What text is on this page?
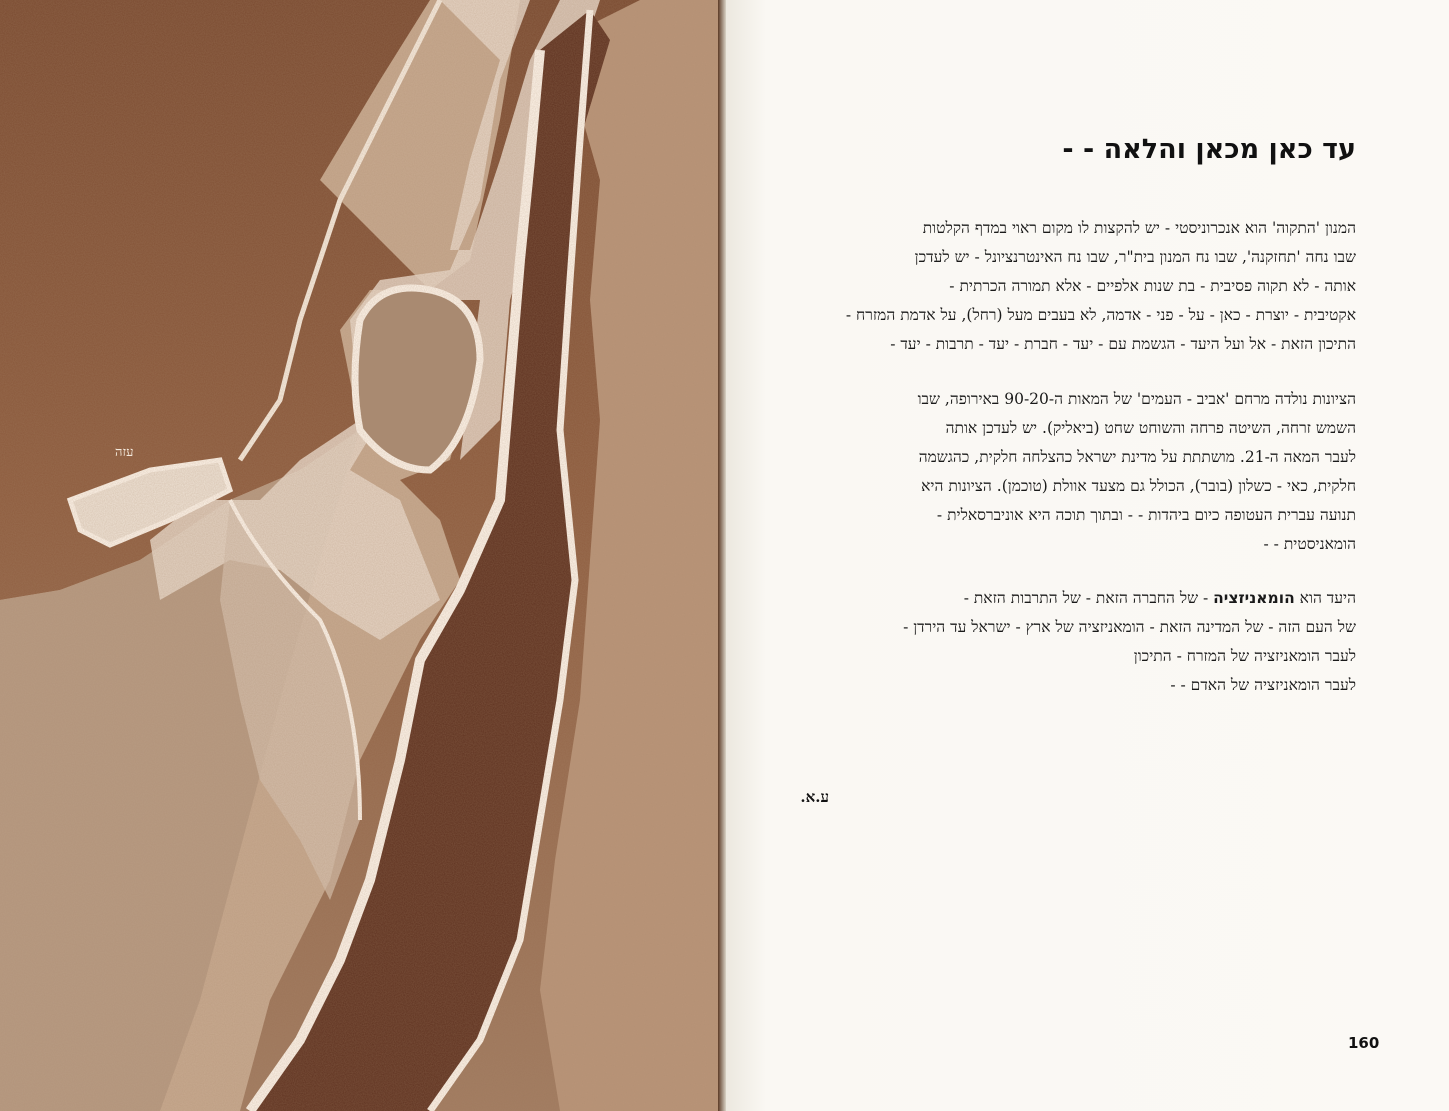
עזה
עד כאן מכאן והלאה - -
המנון 'התקוה' הוא אנכרוניסטי - יש להקצות לו מקום ראוי במדף הקלטות
שבו נחה 'תחזקנה', שבו נח המנון בית"ר, שבו נח האינטרנציונל - יש לעדכן
אותה - לא תקוה פסיבית - בת שנות אלפיים - אלא תמורה הכרתית -
אקטיבית - יוצרת - כאן - על - פני - אדמה, לא בעבים מעל (רחל), על אדמת המזרח -
התיכון הזאת - אל ועל היעד - הגשמת עם - יעד - חברת - יעד - תרבות - יעד -
הציונות נולדה מרחם 'אביב - העמים' של המאות ה-90-20 באירופה, שבו
השמש זרחה, השיטה פרחה והשוחט שחט (ביאליק). יש לעדכן אותה
לעבר המאה ה-21. מושתתת על מדינת ישראל כהצלחה חלקית, כהגשמה
חלקית, כאי - כשלון (בובר), הכולל גם מצעד אוולת (טוכמן). הציונות היא
תנועה עברית העטופה כיום ביהדות - - ובתוך תוכה היא אוניברסאלית -
הומאניסטית - -
היעד הוא הומאניזציה - של החברה הזאת - של התרבות הזאת -
של העם הזה - של המדינה הזאת - הומאניזציה של ארץ - ישראל עד הירדן -
לעבר הומאניזציה של המזרח - התיכון
לעבר הומאניזציה של האדם - -
ע.א.
160
